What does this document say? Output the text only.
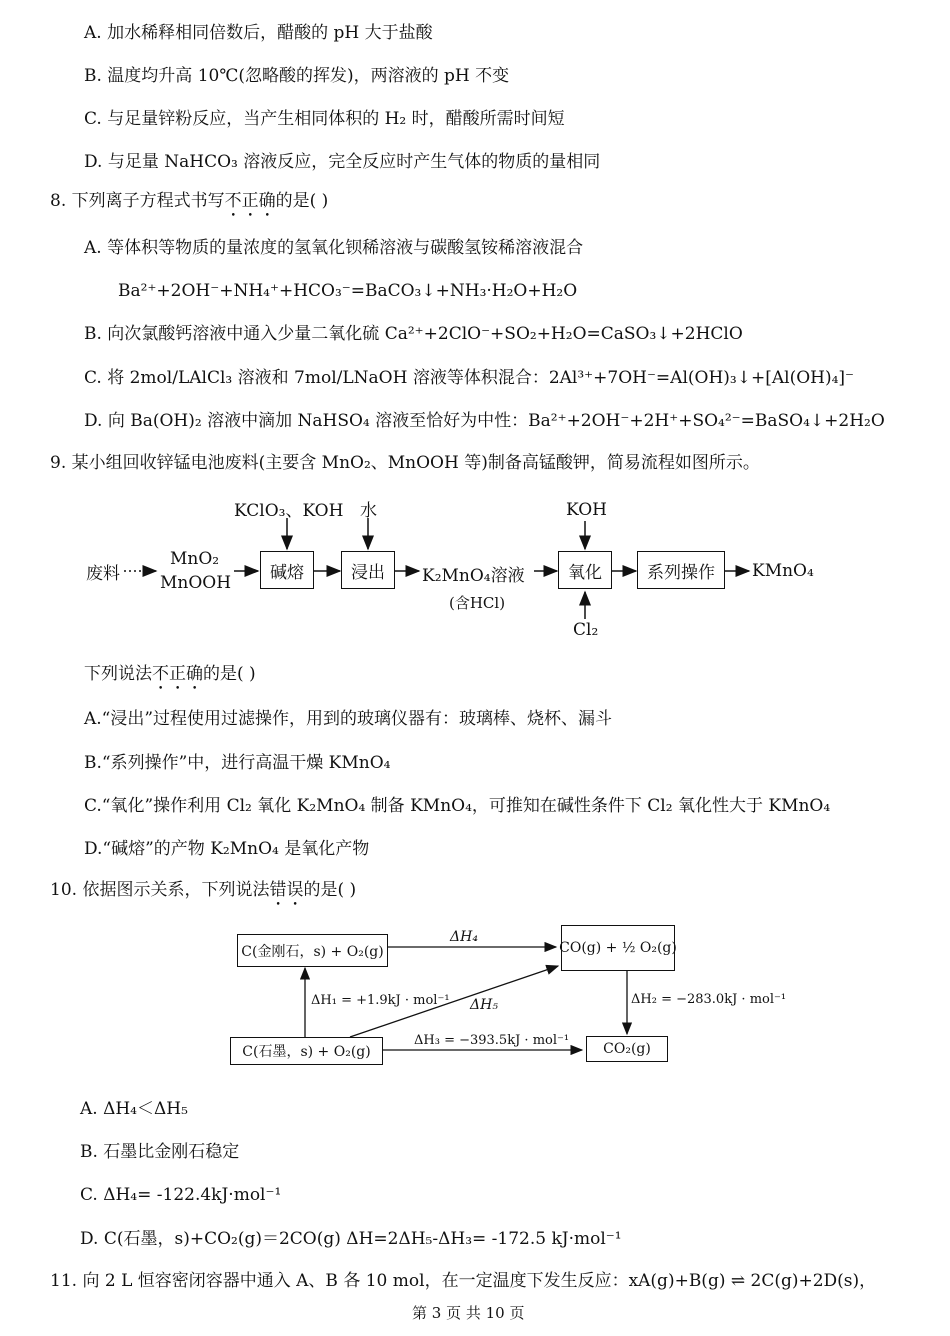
A. 加水稀释相同倍数后，醋酸的 pH 大于盐酸
B. 温度均升高 10℃(忽略酸的挥发)，两溶液的 pH 不变
C. 与足量锌粉反应，当产生相同体积的 H₂ 时，醋酸所需时间短
D. 与足量 NaHCO₃ 溶液反应，完全反应时产生气体的物质的量相同
8. 下列离子方程式书写不正确的是( )
A. 等体积等物质的量浓度的氢氧化钡稀溶液与碳酸氢铵稀溶液混合
Ba²⁺+2OH⁻+NH₄⁺+HCO₃⁻=BaCO₃↓+NH₃·H₂O+H₂O
B. 向次氯酸钙溶液中通入少量二氧化硫 Ca²⁺+2ClO⁻+SO₂+H₂O=CaSO₃↓+2HClO
C. 将 2mol/LAlCl₃ 溶液和 7mol/LNaOH 溶液等体积混合：2Al³⁺+7OH⁻=Al(OH)₃↓+[Al(OH)₄]⁻
D. 向 Ba(OH)₂ 溶液中滴加 NaHSO₄ 溶液至恰好为中性：Ba²⁺+2OH⁻+2H⁺+SO₄²⁻=BaSO₄↓+2H₂O
9. 某小组回收锌锰电池废料(主要含 MnO₂、MnOOH 等)制备高锰酸钾，简易流程如图所示。
废料
MnO₂
MnOOH
KClO₃、KOH 水
碱熔	浸出	K₂MnO₄溶液
(含HCl)
KOH
氧化
Cl₂
系列操作	KMnO₄
下列说法不正确的是( )
A.“浸出”过程使用过滤操作，用到的玻璃仪器有：玻璃棒、烧杯、漏斗
B.“系列操作”中，进行高温干燥 KMnO₄
C.“氧化”操作利用 Cl₂ 氧化 K₂MnO₄ 制备 KMnO₄，可推知在碱性条件下 Cl₂ 氧化性大于 KMnO₄
D.“碱熔”的产物 K₂MnO₄ 是氧化产物
10. 依据图示关系，下列说法错误的是( )
C(金刚石，s) + O₂(g)	CO(g) + ½ O₂(g)
C(石墨，s) + O₂(g)	CO₂(g)
ΔH₄
ΔH₁ = +1.9kJ · mol⁻¹ ΔH₅	ΔH₂ = −283.0kJ · mol⁻¹
ΔH₃ = −393.5kJ · mol⁻¹
A. ΔH₄＜ΔH₅
B. 石墨比金刚石稳定
C. ΔH₄= -122.4kJ·mol⁻¹
D. C(石墨，s)+CO₂(g)＝2CO(g) ΔH=2ΔH₅-ΔH₃= -172.5 kJ·mol⁻¹
11. 向 2 L 恒容密闭容器中通入 A、B 各 10 mol，在一定温度下发生反应：xA(g)+B(g) ⇌ 2C(g)+2D(s)，
第 3 页 共 10 页
